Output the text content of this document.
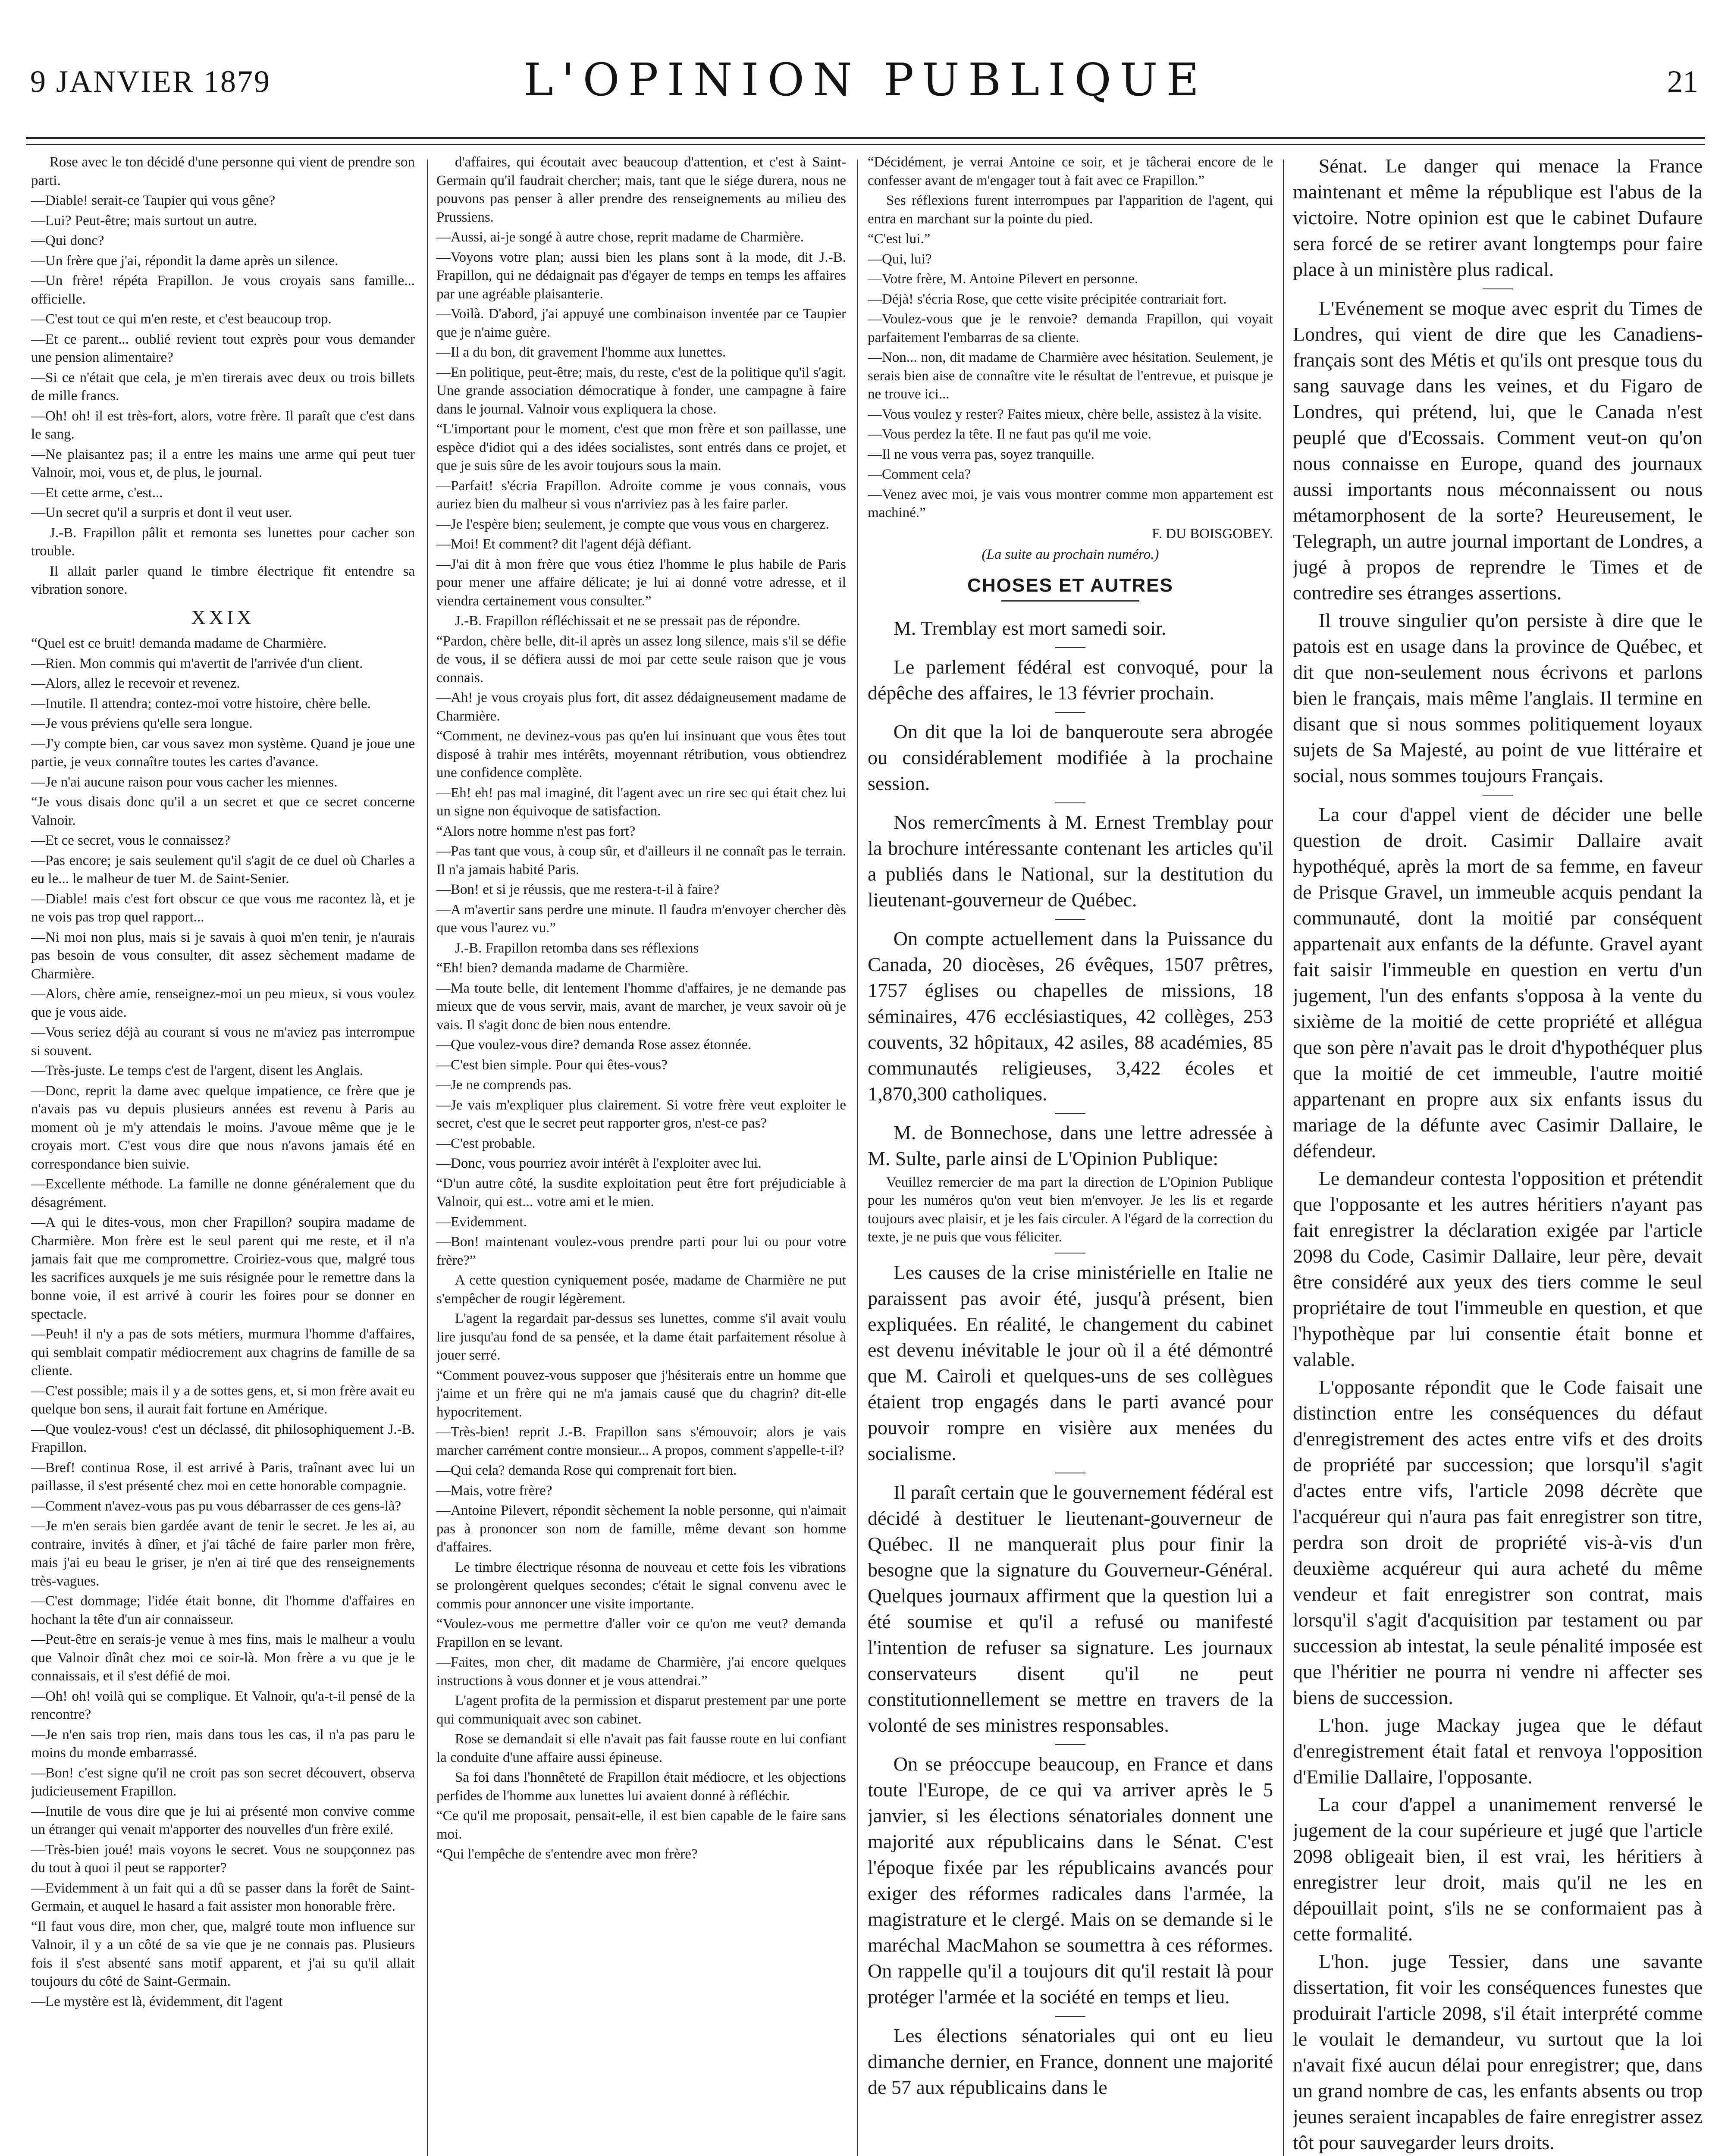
9 JANVIER 1879	L'OPINION PUBLIQUE	21

Rose avec le ton décidé d'une personne qui vient de prendre son parti.

—Diable! serait-ce Taupier qui vous gêne?

—Lui? Peut-être; mais surtout un autre.

—Qui donc?

—Un frère que j'ai, répondit la dame après un silence.

—Un frère! répéta Frapillon. Je vous croyais sans famille... officielle.

—C'est tout ce qui m'en reste, et c'est beaucoup trop.

—Et ce parent... oublié revient tout exprès pour vous demander une pension alimentaire?

—Si ce n'était que cela, je m'en tirerais avec deux ou trois billets de mille francs.

—Oh! oh! il est très-fort, alors, votre frère. Il paraît que c'est dans le sang.

—Ne plaisantez pas; il a entre les mains une arme qui peut tuer Valnoir, moi, vous et, de plus, le journal.

—Et cette arme, c'est...

—Un secret qu'il a surpris et dont il veut user.

J.-B. Frapillon pâlit et remonta ses lunettes pour cacher son trouble.

Il allait parler quand le timbre électrique fit entendre sa vibration sonore.

XXIX

“Quel est ce bruit! demanda madame de Charmière.

—Rien. Mon commis qui m'avertit de l'arrivée d'un client.

—Alors, allez le recevoir et revenez.

—Inutile. Il attendra; contez-moi votre histoire, chère belle.

—Je vous préviens qu'elle sera longue.

—J'y compte bien, car vous savez mon système. Quand je joue une partie, je veux connaître toutes les cartes d'avance.

—Je n'ai aucune raison pour vous cacher les miennes.

“Je vous disais donc qu'il a un secret et que ce secret concerne Valnoir.

—Et ce secret, vous le connaissez?

—Pas encore; je sais seulement qu'il s'agit de ce duel où Charles a eu le... le malheur de tuer M. de Saint-Senier.

—Diable! mais c'est fort obscur ce que vous me racontez là, et je ne vois pas trop quel rapport...

—Ni moi non plus, mais si je savais à quoi m'en tenir, je n'aurais pas besoin de vous consulter, dit assez sèchement madame de Charmière.

—Alors, chère amie, renseignez-moi un peu mieux, si vous voulez que je vous aide.

—Vous seriez déjà au courant si vous ne m'aviez pas interrompue si souvent.

—Très-juste. Le temps c'est de l'argent, disent les Anglais.

—Donc, reprit la dame avec quelque impatience, ce frère que je n'avais pas vu depuis plusieurs années est revenu à Paris au moment où je m'y attendais le moins. J'avoue même que je le croyais mort. C'est vous dire que nous n'avons jamais été en correspondance bien suivie.

—Excellente méthode. La famille ne donne généralement que du désagrément.

—A qui le dites-vous, mon cher Frapillon? soupira madame de Charmière. Mon frère est le seul parent qui me reste, et il n'a jamais fait que me compromettre. Croiriez-vous que, malgré tous les sacrifices auxquels je me suis résignée pour le remettre dans la bonne voie, il est arrivé à courir les foires pour se donner en spectacle.

—Peuh! il n'y a pas de sots métiers, murmura l'homme d'affaires, qui semblait compatir médiocrement aux chagrins de famille de sa cliente.

—C'est possible; mais il y a de sottes gens, et, si mon frère avait eu quelque bon sens, il aurait fait fortune en Amérique.

—Que voulez-vous! c'est un déclassé, dit philosophiquement J.-B. Frapillon.

—Bref! continua Rose, il est arrivé à Paris, traînant avec lui un paillasse, il s'est présenté chez moi en cette honorable compagnie.

—Comment n'avez-vous pas pu vous débarrasser de ces gens-là?

—Je m'en serais bien gardée avant de tenir le secret. Je les ai, au contraire, invités à dîner, et j'ai tâché de faire parler mon frère, mais j'ai eu beau le griser, je n'en ai tiré que des renseignements très-vagues.

—C'est dommage; l'idée était bonne, dit l'homme d'affaires en hochant la tête d'un air connaisseur.

—Peut-être en serais-je venue à mes fins, mais le malheur a voulu que Valnoir dînât chez moi ce soir-là. Mon frère a vu que je le connaissais, et il s'est défié de moi.

—Oh! oh! voilà qui se complique. Et Valnoir, qu'a-t-il pensé de la rencontre?

—Je n'en sais trop rien, mais dans tous les cas, il n'a pas paru le moins du monde embarrassé.

—Bon! c'est signe qu'il ne croit pas son secret découvert, observa judicieusement Frapillon.

—Inutile de vous dire que je lui ai présenté mon convive comme un étranger qui venait m'apporter des nouvelles d'un frère exilé.

—Très-bien joué! mais voyons le secret. Vous ne soupçonnez pas du tout à quoi il peut se rapporter?

—Evidemment à un fait qui a dû se passer dans la forêt de Saint-Germain, et auquel le hasard a fait assister mon honorable frère.

“Il faut vous dire, mon cher, que, malgré toute mon influence sur Valnoir, il y a un côté de sa vie que je ne connais pas. Plusieurs fois il s'est absenté sans motif apparent, et j'ai su qu'il allait toujours du côté de Saint-Germain.

—Le mystère est là, évidemment, dit l'agent

d'affaires, qui écoutait avec beaucoup d'attention, et c'est à Saint-Germain qu'il faudrait chercher; mais, tant que le siége durera, nous ne pouvons pas penser à aller prendre des renseignements au milieu des Prussiens.

—Aussi, ai-je songé à autre chose, reprit madame de Charmière.

—Voyons votre plan; aussi bien les plans sont à la mode, dit J.-B. Frapillon, qui ne dédaignait pas d'égayer de temps en temps les affaires par une agréable plaisanterie.

—Voilà. D'abord, j'ai appuyé une combinaison inventée par ce Taupier que je n'aime guère.

—Il a du bon, dit gravement l'homme aux lunettes.

—En politique, peut-être; mais, du reste, c'est de la politique qu'il s'agit. Une grande association démocratique à fonder, une campagne à faire dans le journal. Valnoir vous expliquera la chose.

“L'important pour le moment, c'est que mon frère et son paillasse, une espèce d'idiot qui a des idées socialistes, sont entrés dans ce projet, et que je suis sûre de les avoir toujours sous la main.

—Parfait! s'écria Frapillon. Adroite comme je vous connais, vous auriez bien du malheur si vous n'arriviez pas à les faire parler.

—Je l'espère bien; seulement, je compte que vous vous en chargerez.

—Moi! Et comment? dit l'agent déjà défiant.

—J'ai dit à mon frère que vous étiez l'homme le plus habile de Paris pour mener une affaire délicate; je lui ai donné votre adresse, et il viendra certainement vous consulter.”

J.-B. Frapillon réfléchissait et ne se pressait pas de répondre.

“Pardon, chère belle, dit-il après un assez long silence, mais s'il se défie de vous, il se défiera aussi de moi par cette seule raison que je vous connais.

—Ah! je vous croyais plus fort, dit assez dédaigneusement madame de Charmière.

“Comment, ne devinez-vous pas qu'en lui insinuant que vous êtes tout disposé à trahir mes intérêts, moyennant rétribution, vous obtiendrez une confidence complète.

—Eh! eh! pas mal imaginé, dit l'agent avec un rire sec qui était chez lui un signe non équivoque de satisfaction.

“Alors notre homme n'est pas fort?

—Pas tant que vous, à coup sûr, et d'ailleurs il ne connaît pas le terrain. Il n'a jamais habité Paris.

—Bon! et si je réussis, que me restera-t-il à faire?

—A m'avertir sans perdre une minute. Il faudra m'envoyer chercher dès que vous l'aurez vu.”

J.-B. Frapillon retomba dans ses réflexions

“Eh! bien? demanda madame de Charmière.

—Ma toute belle, dit lentement l'homme d'affaires, je ne demande pas mieux que de vous servir, mais, avant de marcher, je veux savoir où je vais. Il s'agit donc de bien nous entendre.

—Que voulez-vous dire? demanda Rose assez étonnée.

—C'est bien simple. Pour qui êtes-vous?

—Je ne comprends pas.

—Je vais m'expliquer plus clairement. Si votre frère veut exploiter le secret, c'est que le secret peut rapporter gros, n'est-ce pas?

—C'est probable.

—Donc, vous pourriez avoir intérêt à l'exploiter avec lui.

“D'un autre côté, la susdite exploitation peut être fort préjudiciable à Valnoir, qui est... votre ami et le mien.

—Evidemment.

—Bon! maintenant voulez-vous prendre parti pour lui ou pour votre frère?”

A cette question cyniquement posée, madame de Charmière ne put s'empêcher de rougir légèrement.

L'agent la regardait par-dessus ses lunettes, comme s'il avait voulu lire jusqu'au fond de sa pensée, et la dame était parfaitement résolue à jouer serré.

“Comment pouvez-vous supposer que j'hésiterais entre un homme que j'aime et un frère qui ne m'a jamais causé que du chagrin? dit-elle hypocritement.

—Très-bien! reprit J.-B. Frapillon sans s'émouvoir; alors je vais marcher carrément contre monsieur... A propos, comment s'appelle-t-il?

—Qui cela? demanda Rose qui comprenait fort bien.

—Mais, votre frère?

—Antoine Pilevert, répondit sèchement la noble personne, qui n'aimait pas à prononcer son nom de famille, même devant son homme d'affaires.

Le timbre électrique résonna de nouveau et cette fois les vibrations se prolongèrent quelques secondes; c'était le signal convenu avec le commis pour annoncer une visite importante.

“Voulez-vous me permettre d'aller voir ce qu'on me veut? demanda Frapillon en se levant.

—Faites, mon cher, dit madame de Charmière, j'ai encore quelques instructions à vous donner et je vous attendrai.”

L'agent profita de la permission et disparut prestement par une porte qui communiquait avec son cabinet.

Rose se demandait si elle n'avait pas fait fausse route en lui confiant la conduite d'une affaire aussi épineuse.

Sa foi dans l'honnêteté de Frapillon était médiocre, et les objections perfides de l'homme aux lunettes lui avaient donné à réfléchir.

“Ce qu'il me proposait, pensait-elle, il est bien capable de le faire sans moi.

“Qui l'empêche de s'entendre avec mon frère?

“Décidément, je verrai Antoine ce soir, et je tâcherai encore de le confesser avant de m'engager tout à fait avec ce Frapillon.”

Ses réflexions furent interrompues par l'apparition de l'agent, qui entra en marchant sur la pointe du pied.

“C'est lui.”

—Qui, lui?

—Votre frère, M. Antoine Pilevert en personne.

—Déjà! s'écria Rose, que cette visite précipitée contrariait fort.

—Voulez-vous que je le renvoie? demanda Frapillon, qui voyait parfaitement l'embarras de sa cliente.

—Non... non, dit madame de Charmière avec hésitation. Seulement, je serais bien aise de connaître vite le résultat de l'entrevue, et puisque je ne trouve ici...

—Vous voulez y rester? Faites mieux, chère belle, assistez à la visite.

—Vous perdez la tête. Il ne faut pas qu'il me voie.

—Il ne vous verra pas, soyez tranquille.

—Comment cela?

—Venez avec moi, je vais vous montrer comme mon appartement est machiné.”

F. DU BOISGOBEY.

(La suite au prochain numéro.)

CHOSES ET AUTRES

M. Tremblay est mort samedi soir.

Le parlement fédéral est convoqué, pour la dépêche des affaires, le 13 février prochain.

On dit que la loi de banqueroute sera abrogée ou considérablement modifiée à la prochaine session.

Nos remercîments à M. Ernest Tremblay pour la brochure intéressante contenant les articles qu'il a publiés dans le National, sur la destitution du lieutenant-gouverneur de Québec.

On compte actuellement dans la Puissance du Canada, 20 diocèses, 26 évêques, 1507 prêtres, 1757 églises ou chapelles de missions, 18 séminaires, 476 ecclésiastiques, 42 collèges, 253 couvents, 32 hôpitaux, 42 asiles, 88 académies, 85 communautés religieuses, 3,422 écoles et 1,870,300 catholiques.

M. de Bonnechose, dans une lettre adressée à M. Sulte, parle ainsi de L'Opinion Publique:

Veuillez remercier de ma part la direction de L'Opinion Publique pour les numéros qu'on veut bien m'envoyer. Je les lis et regarde toujours avec plaisir, et je les fais circuler. A l'égard de la correction du texte, je ne puis que vous féliciter.

Les causes de la crise ministérielle en Italie ne paraissent pas avoir été, jusqu'à présent, bien expliquées. En réalité, le changement du cabinet est devenu inévitable le jour où il a été démontré que M. Cairoli et quelques-uns de ses collègues étaient trop engagés dans le parti avancé pour pouvoir rompre en visière aux menées du socialisme.

Il paraît certain que le gouvernement fédéral est décidé à destituer le lieutenant-gouverneur de Québec. Il ne manquerait plus pour finir la besogne que la signature du Gouverneur-Général. Quelques journaux affirment que la question lui a été soumise et qu'il a refusé ou manifesté l'intention de refuser sa signature. Les journaux conservateurs disent qu'il ne peut constitutionnellement se mettre en travers de la volonté de ses ministres responsables.

On se préoccupe beaucoup, en France et dans toute l'Europe, de ce qui va arriver après le 5 janvier, si les élections sénatoriales donnent une majorité aux républicains dans le Sénat. C'est l'époque fixée par les républicains avancés pour exiger des réformes radicales dans l'armée, la magistrature et le clergé. Mais on se demande si le maréchal MacMahon se soumettra à ces réformes. On rappelle qu'il a toujours dit qu'il restait là pour protéger l'armée et la société en temps et lieu.

Les élections sénatoriales qui ont eu lieu dimanche dernier, en France, donnent une majorité de 57 aux républicains dans le

Sénat. Le danger qui menace la France maintenant et même la république est l'abus de la victoire. Notre opinion est que le cabinet Dufaure sera forcé de se retirer avant longtemps pour faire place à un ministère plus radical.

L'Evénement se moque avec esprit du Times de Londres, qui vient de dire que les Canadiens-français sont des Métis et qu'ils ont presque tous du sang sauvage dans les veines, et du Figaro de Londres, qui prétend, lui, que le Canada n'est peuplé que d'Ecossais. Comment veut-on qu'on nous connaisse en Europe, quand des journaux aussi importants nous méconnaissent ou nous métamorphosent de la sorte? Heureusement, le Telegraph, un autre journal important de Londres, a jugé à propos de reprendre le Times et de contredire ses étranges assertions.

Il trouve singulier qu'on persiste à dire que le patois est en usage dans la province de Québec, et dit que non-seulement nous écrivons et parlons bien le français, mais même l'anglais. Il termine en disant que si nous sommes politiquement loyaux sujets de Sa Majesté, au point de vue littéraire et social, nous sommes toujours Français.

La cour d'appel vient de décider une belle question de droit. Casimir Dallaire avait hypothéqué, après la mort de sa femme, en faveur de Prisque Gravel, un immeuble acquis pendant la communauté, dont la moitié par conséquent appartenait aux enfants de la défunte. Gravel ayant fait saisir l'immeuble en question en vertu d'un jugement, l'un des enfants s'opposa à la vente du sixième de la moitié de cette propriété et allégua que son père n'avait pas le droit d'hypothéquer plus que la moitié de cet immeuble, l'autre moitié appartenant en propre aux six enfants issus du mariage de la défunte avec Casimir Dallaire, le défendeur.

Le demandeur contesta l'opposition et prétendit que l'opposante et les autres héritiers n'ayant pas fait enregistrer la déclaration exigée par l'article 2098 du Code, Casimir Dallaire, leur père, devait être considéré aux yeux des tiers comme le seul propriétaire de tout l'immeuble en question, et que l'hypothèque par lui consentie était bonne et valable.

L'opposante répondit que le Code faisait une distinction entre les conséquences du défaut d'enregistrement des actes entre vifs et des droits de propriété par succession; que lorsqu'il s'agit d'actes entre vifs, l'article 2098 décrète que l'acquéreur qui n'aura pas fait enregistrer son titre, perdra son droit de propriété vis-à-vis d'un deuxième acquéreur qui aura acheté du même vendeur et fait enregistrer son contrat, mais lorsqu'il s'agit d'acquisition par testament ou par succession ab intestat, la seule pénalité imposée est que l'héritier ne pourra ni vendre ni affecter ses biens de succession.

L'hon. juge Mackay jugea que le défaut d'enregistrement était fatal et renvoya l'opposition d'Emilie Dallaire, l'opposante.

La cour d'appel a unanimement renversé le jugement de la cour supérieure et jugé que l'article 2098 obligeait bien, il est vrai, les héritiers à enregistrer leur droit, mais qu'il ne les en dépouillait point, s'ils ne se conformaient pas à cette formalité.

L'hon. juge Tessier, dans une savante dissertation, fit voir les conséquences funestes que produirait l'article 2098, s'il était interprété comme le voulait le demandeur, vu surtout que la loi n'avait fixé aucun délai pour enregistrer; que, dans un grand nombre de cas, les enfants absents ou trop jeunes seraient incapables de faire enregistrer assez tôt pour sauvegarder leurs droits.
